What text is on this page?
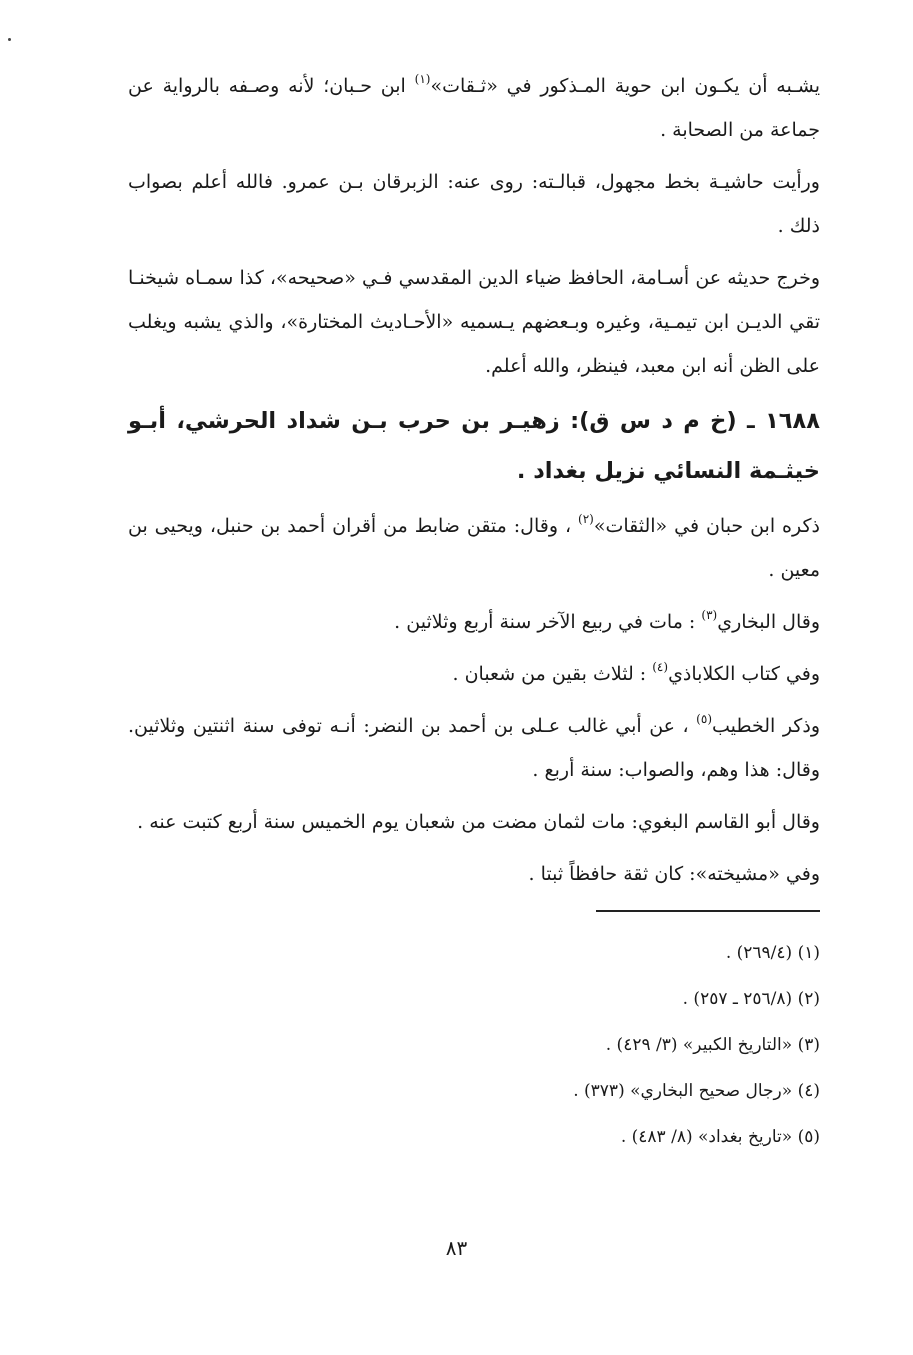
يشـبه أن يكـون ابن حوية المـذكور في «ثـقات»$^{(١)}$ ابن حـبان؛ لأنه وصـفه بالرواية عن جماعة من الصحابة .

ورأيت حاشيـة بخط مجهول، قبالـته: روى عنه: الزبرقان بـن عمرو. فالله أعلم بصواب ذلك .

وخرج حديثه عن أسـامة، الحافظ ضياء الدين المقدسي فـي «صحيحه»، كذا سمـاه شيخنـا تقي الديـن ابن تيمـية، وغيره وبـعضهم يـسميه «الأحـاديث المختارة»، والذي يشبه ويغلب على الظن أنه ابن معبد، فينظر، والله أعلم.

١٦٨٨ ـ (خ م د س ق): زهيـر بن حرب بـن شداد الحرشي، أبـو خيثـمة النسائي نزيل بغداد .

ذكره ابن حبان في «الثقات»$^{(٢)}$ ، وقال: متقن ضابط من أقران أحمد بن حنبل، ويحيى بن معين .

وقال البخاري$^{(٣)}$ : مات في ربيع الآخر سنة أربع وثلاثين .

وفي كتاب الكلاباذي$^{(٤)}$ : لثلاث بقين من شعبان .

وذكر الخطيب$^{(٥)}$ ، عن أبي غالب عـلى بن أحمد بن النضر: أنـه توفى سنة اثنتين وثلاثين. وقال: هذا وهم، والصواب: سنة أربع .

وقال أبو القاسم البغوي: مات لثمان مضت من شعبان يوم الخميس سنة أربع كتبت عنه .

وفي «مشيخته»: كان ثقة حافظاً ثبتا .

(١) (٢٦٩/٤) .

(٢) (٢٥٦/٨ ـ ٢٥٧) .

(٣) «التاريخ الكبير» (٣/ ٤٢٩) .

(٤) «رجال صحيح البخاري» (٣٧٣) .

(٥) «تاريخ بغداد» (٨/ ٤٨٣) .

٨٣
